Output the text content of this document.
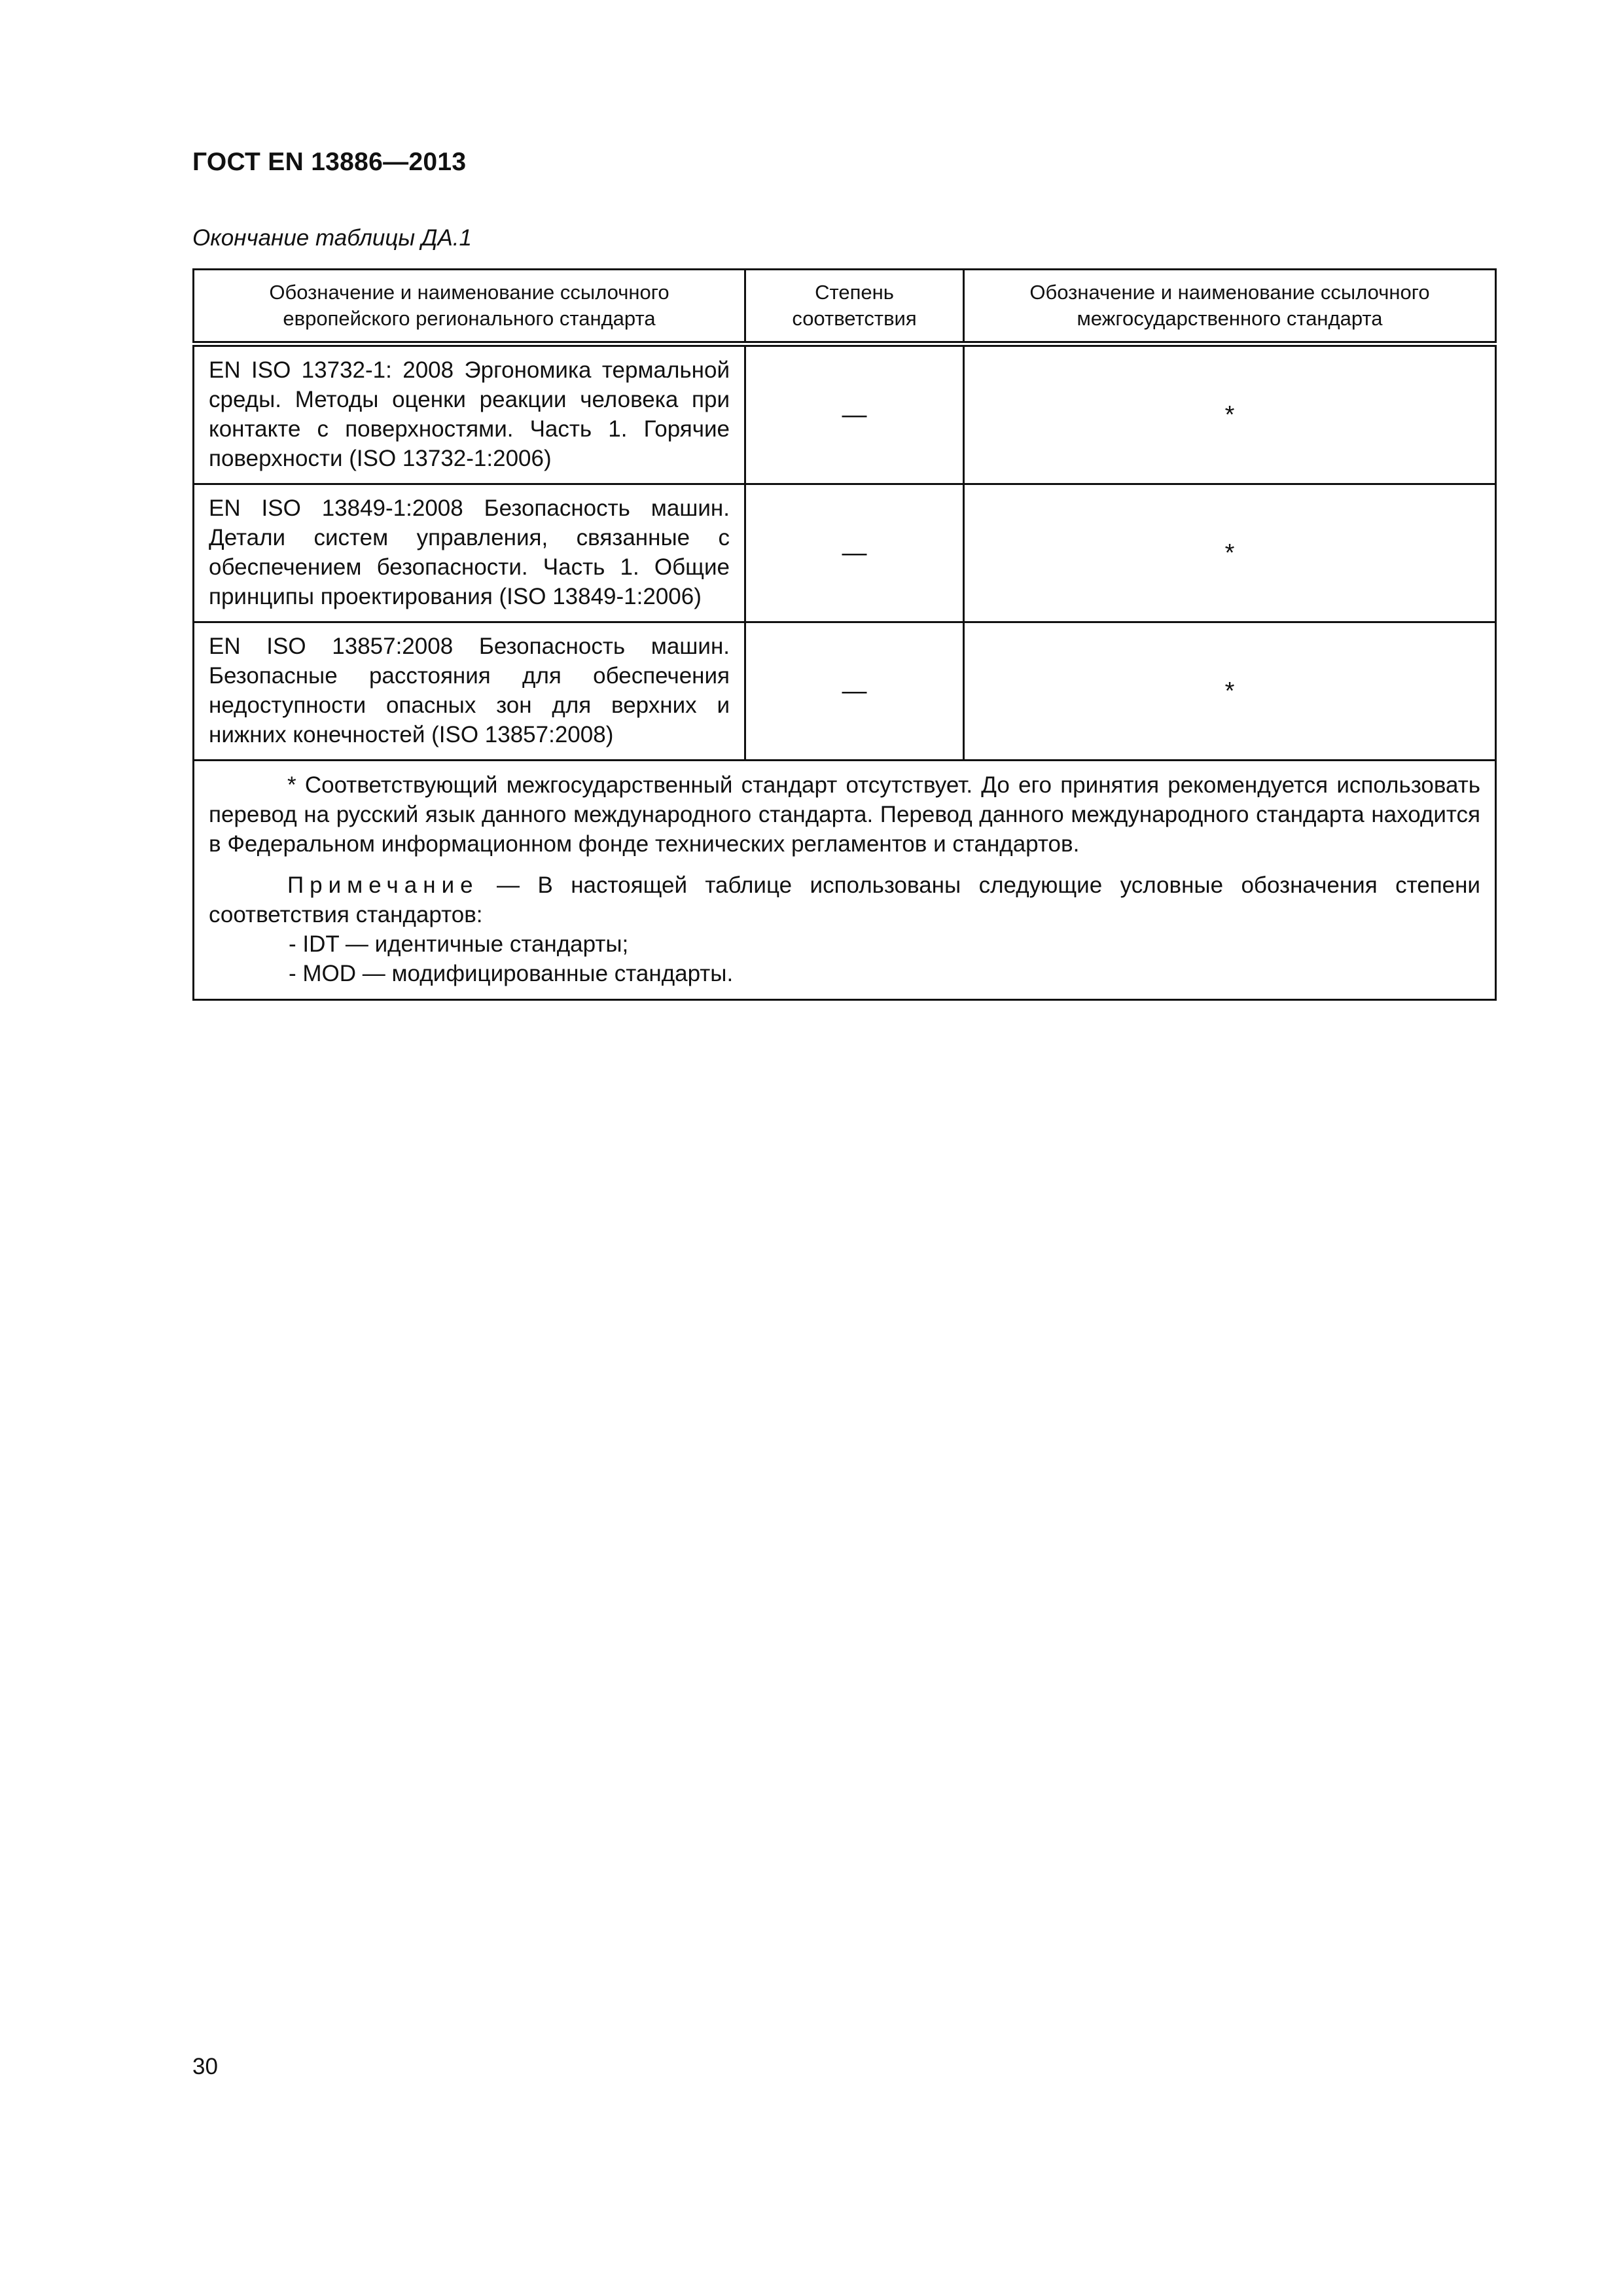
ГОСТ EN 13886—2013
Окончание таблицы ДА.1
Обозначение и наименование ссылочного европейского регионального стандарта	Степень соответствия	Обозначение и наименование ссылочного межгосударственного стандарта
EN ISO 13732-1: 2008 Эргономика термальной среды. Методы оценки реакции человека при контакте с поверхностями. Часть 1. Горячие поверхности (ISO 13732-1:2006)	—	*
EN ISO 13849-1:2008 Безопасность машин. Детали систем управления, связанные с обеспечением безопасности. Часть 1. Общие принципы проектирования (ISO 13849-1:2006)	—	*
EN ISO 13857:2008 Безопасность машин. Безопасные расстояния для обеспечения недоступности опасных зон для верхних и нижних конечностей (ISO 13857:2008)	—	*

* Соответствующий межгосударственный стандарт отсутствует. До его принятия рекомендуется использовать перевод на русский язык данного международного стандарта. Перевод данного международного стандарта находится в Федеральном информационном фонде технических регламентов и стандартов.

Примечание — В настоящей таблице использованы следующие условные обозначения степени соответствия стандартов:

- IDT — идентичные стандарты;

- MOD — модифицированные стандарты.		

30
